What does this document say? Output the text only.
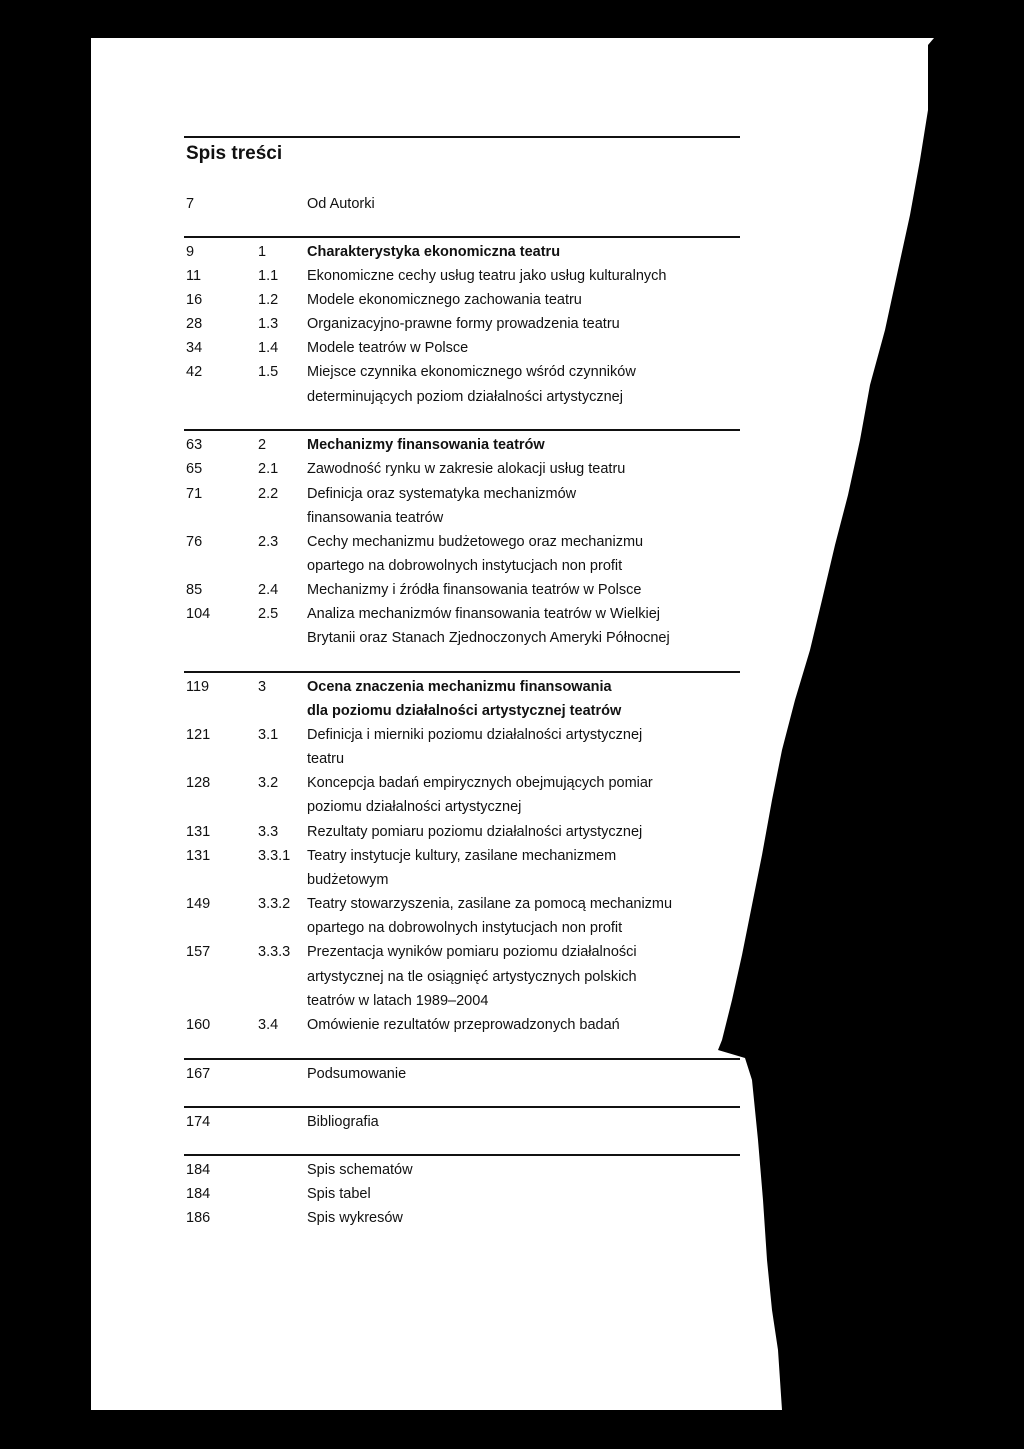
Spis treści
7	Od Autorki
9	1	Charakterystyka ekonomiczna teatru
11	1.1 Ekonomiczne cechy usług teatru jako usług kulturalnych
16	1.2 Modele ekonomicznego zachowania teatru
28	1.3 Organizacyjno-prawne formy prowadzenia teatru
34	1.4 Modele teatrów w Polsce
42	1.5 Miejsce czynnika ekonomicznego wśród czynników
determinujących poziom działalności artystycznej
63	2	Mechanizmy finansowania teatrów
65	2.1 Zawodność rynku w zakresie alokacji usług teatru
71	2.2 Definicja oraz systematyka mechanizmów
finansowania teatrów
76	2.3 Cechy mechanizmu budżetowego oraz mechanizmu
opartego na dobrowolnych instytucjach non profit
85	2.4 Mechanizmy i źródła finansowania teatrów w Polsce
104	2.5 Analiza mechanizmów finansowania teatrów w Wielkiej
Brytanii oraz Stanach Zjednoczonych Ameryki Północnej
119	3	Ocena znaczenia mechanizmu finansowania
dla poziomu działalności artystycznej teatrów
121	3.1 Definicja i mierniki poziomu działalności artystycznej
teatru
128	3.2 Koncepcja badań empirycznych obejmujących pomiar
poziomu działalności artystycznej
131	3.3 Rezultaty pomiaru poziomu działalności artystycznej
131	3.3.1 Teatry instytucje kultury, zasilane mechanizmem
budżetowym
149	3.3.2 Teatry stowarzyszenia, zasilane za pomocą mechanizmu
opartego na dobrowolnych instytucjach non profit
157	3.3.3 Prezentacja wyników pomiaru poziomu działalności
artystycznej na tle osiągnięć artystycznych polskich
teatrów w latach 1989–2004
160	3.4 Omówienie rezultatów przeprowadzonych badań
167	Podsumowanie
174	Bibliografia
184	Spis schematów
184	Spis tabel
186	Spis wykresów
